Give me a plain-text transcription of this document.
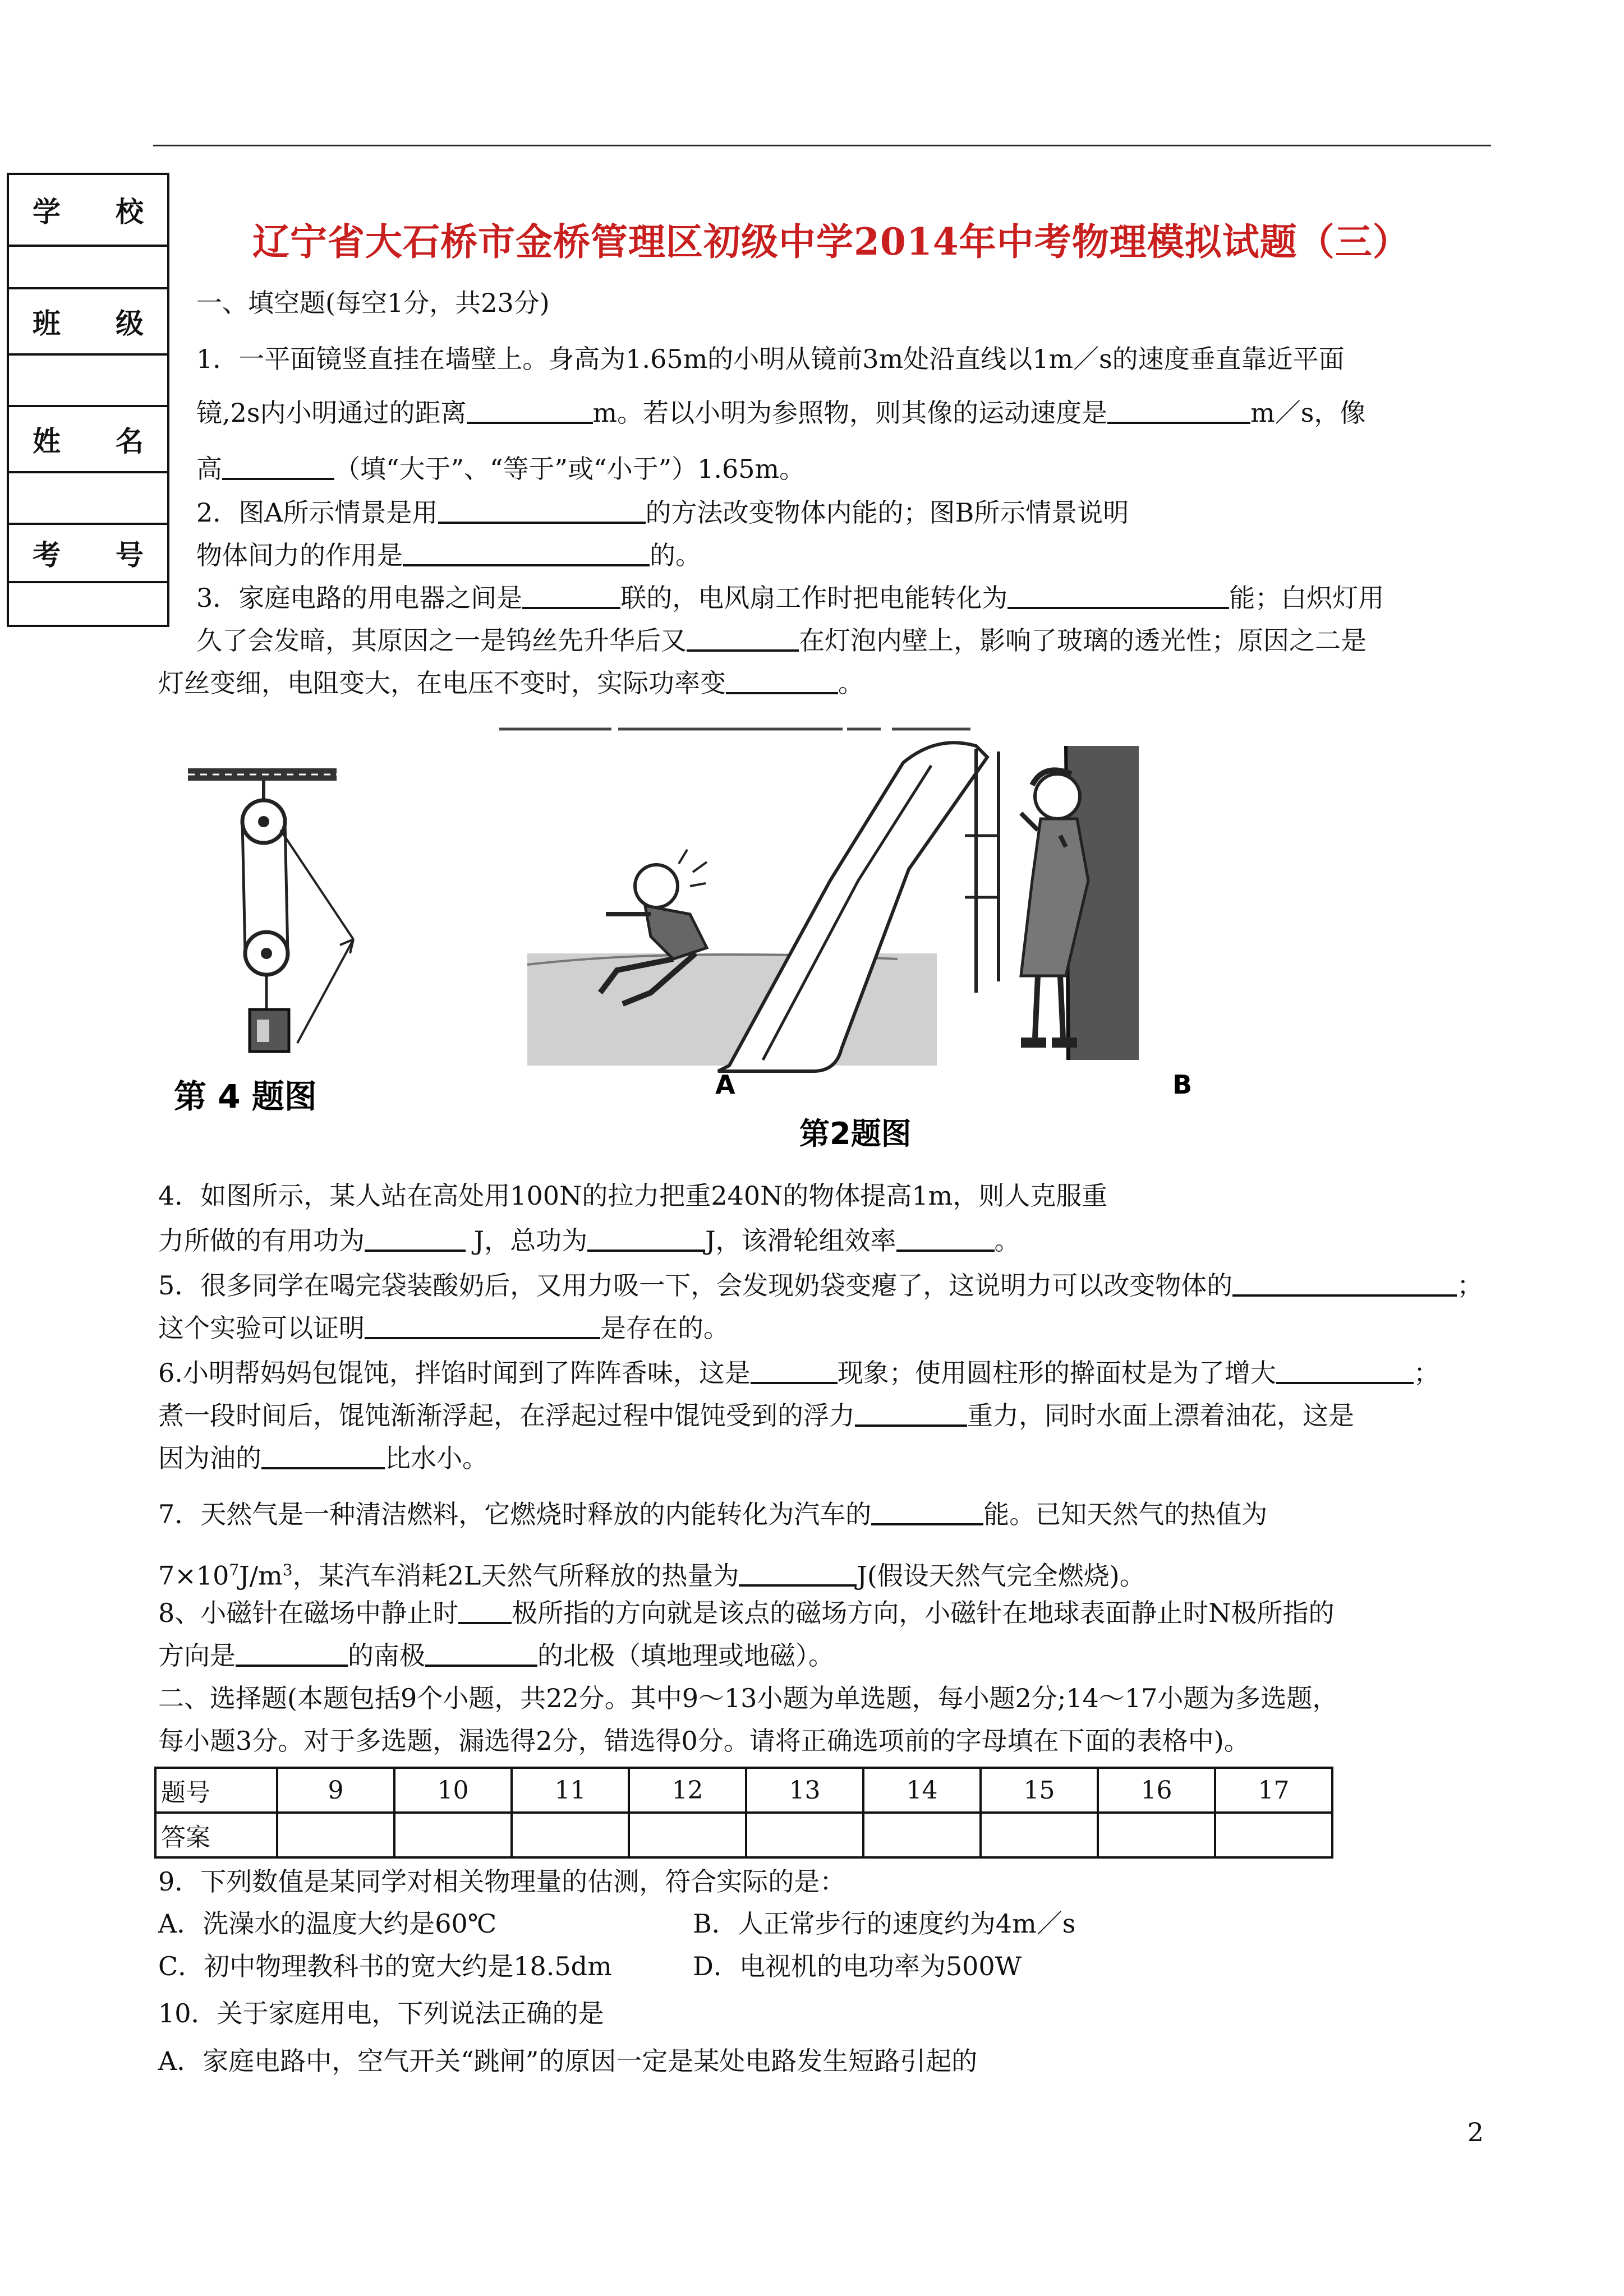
学 校
班 级
姓 名
考 号
辽宁省大石桥市金桥管理区初级中学2014年中考物理模拟试题（三）
一、填空题(每空1分，共23分)
1．一平面镜竖直挂在墙壁上。身高为1.65m的小明从镜前3m处沿直线以1m／s的速度垂直靠近平面
镜,2s内小明通过的距离	m。若以小明为参照物，则其像的运动速度是	m／s，像
高	（填“大于”、“等于”或“小于”）1.65m。
2．图A所示情景是用	的方法改变物体内能的；图B所示情景说明
物体间力的作用是	的。
3．家庭电路的用电器之间是	联的，电风扇工作时把电能转化为	能；白炽灯用
久了会发暗，其原因之一是钨丝先升华后又	在灯泡内壁上，影响了玻璃的透光性；原因之二是
灯丝变细，电阻变大，在电压不变时，实际功率变	。
第 4 题图	A	B
第2题图
4．如图所示，某人站在高处用100N的拉力把重240N的物体提高1m，则人克服重
力所做的有用功为	J，总功为	J，该滑轮组效率	。
5．很多同学在喝完袋装酸奶后，又用力吸一下，会发现奶袋变瘪了，这说明力可以改变物体的	；
这个实验可以证明	是存在的。
6.小明帮妈妈包馄饨，拌馅时闻到了阵阵香味，这是	现象；使用圆柱形的擀面杖是为了增大	；
煮一段时间后，馄饨渐渐浮起，在浮起过程中馄饨受到的浮力	重力，同时水面上漂着油花，这是
因为油的	比水小。
7．天然气是一种清洁燃料，它燃烧时释放的内能转化为汽车的	能。已知天然气的热值为
$7\times 10^7J/m^3$，某汽车消耗2L天然气所释放的热量为	J(假设天然气完全燃烧)。
8、小磁针在磁场中静止时 极所指的方向就是该点的磁场方向，小磁针在地球表面静止时N极所指的
方向是	的南极	的北极（填地理或地磁）。
二、选择题(本题包括9个小题，共22分。其中9～13小题为单选题，每小题2分;14～17小题为多选题，
每小题3分。对于多选题，漏选得2分，错选得0分。请将正确选项前的字母填在下面的表格中)。
题号	9	10	11	12	13	14	15	16	17
答案									
9．下列数值是某同学对相关物理量的估测，符合实际的是：
A．洗澡水的温度大约是60℃	B．人正常步行的速度约为4m／s
C．初中物理教科书的宽大约是18.5dm	D．电视机的电功率为500W
10．关于家庭用电，下列说法正确的是
A．家庭电路中，空气开关“跳闸”的原因一定是某处电路发生短路引起的
2
